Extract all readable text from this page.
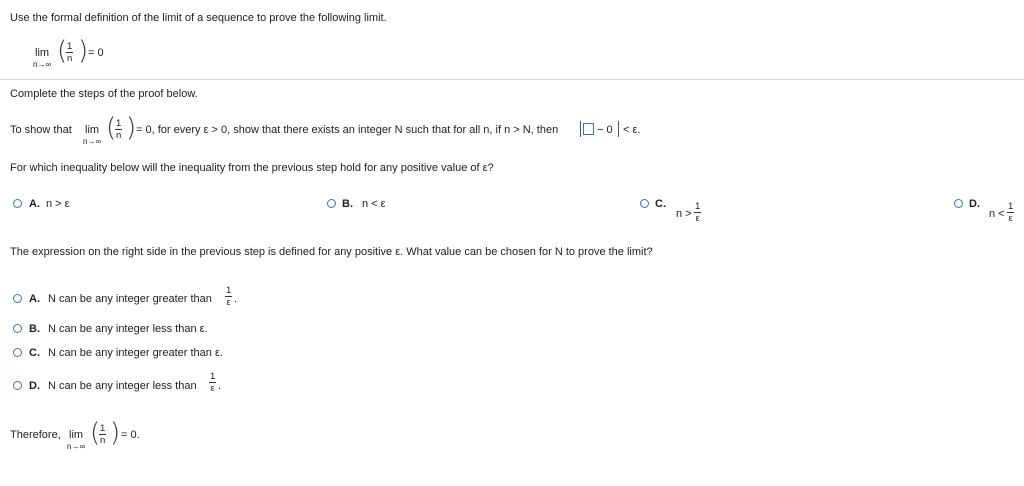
Use the formal definition of the limit of a sequence to prove the following limit.
lim
n→∞ (
$\frac{1}{n}$ ) = 0
Complete the steps of the proof below.
To show that lim
n→∞ (
$\frac{1}{n}$ ) = 0, for every ε > 0, show that there exists an integer N such that for all n, if n > N, then	− 0 < ε.
For which inequality below will the inequality from the previous step hold for any positive value of ε?
A. n > ε	B. n < ε	C.
$n > \frac{1}{\varepsilon}$	D.
$n < \frac{1}{\varepsilon}$
The expression on the right side in the previous step is defined for any positive ε. What value can be chosen for N to prove the limit?
A. N can be any integer greater than $\frac{1}{\varepsilon}$ .
B. N can be any integer less than ε.
C. N can be any integer greater than ε.
D. N can be any integer less than $\frac{1}{\varepsilon}$ .
Therefore, lim
n→∞ (
$\frac{1}{n}$ ) = 0.
